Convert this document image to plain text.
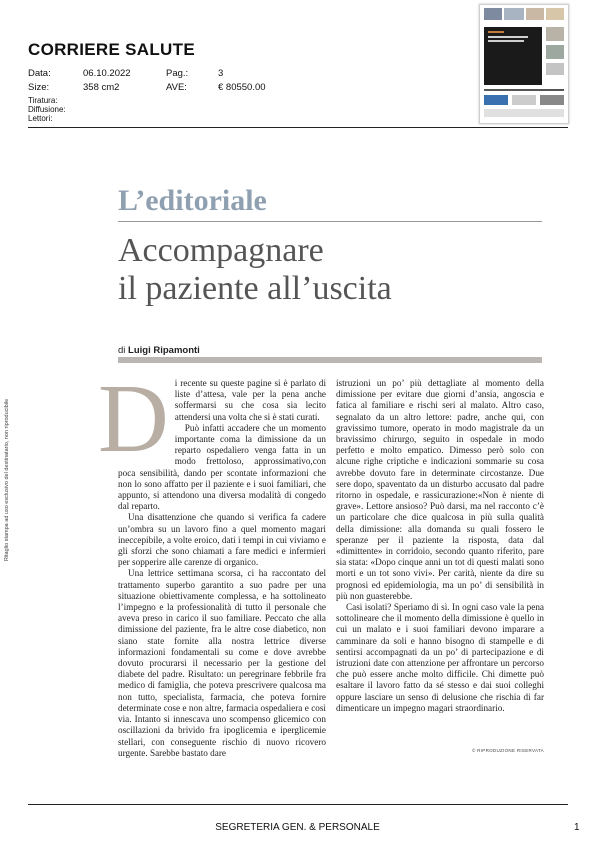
CORRIERE SALUTE
Data:	06.10.2022	Pag.:	3
Size:	358 cm2	AVE:	€ 80550.00
Tiratura:
Diffusione:
Lettori:
Ritaglio stampa ad uso esclusivo del destinatario, non riproducibile
L’editoriale
Accompagnare
il paziente all’uscita
di Luigi Ripamonti
D i recente su queste pagine si è parlato di liste d’attesa, vale per la pena anche soffermarsi su che cosa sia lecito attendersi una volta che si è stati curati.

Può infatti accadere che un momento importante coma la dimissione da un reparto ospedaliero venga fatta in un modo frettoloso, approssimativo,con poca sensibilità, dando per scontate informazioni che non lo sono affatto per il paziente e i suoi familiari, che appunto, si attendono una diversa modalità di congedo dal reparto.

Una disattenzione che quando si verifica fa cadere un’ombra su un lavoro fino a quel momento magari ineccepibile, a volte eroico, dati i tempi in cui viviamo e gli sforzi che sono chiamati a fare medici e infermieri per sopperire alle carenze di organico.

Una lettrice settimana scorsa, ci ha raccontato del trattamento superbo garantito a suo padre per una situazione obiettivamente complessa, e ha sottolineato l’impegno e la professionalità di tutto il personale che aveva preso in carico il suo familiare. Peccato che alla dimissione del paziente, fra le altre cose diabetico, non siano state fornite alla nostra lettrice diverse informazioni fondamentali su come e dove avrebbe dovuto procurarsi il necessario per la gestione del diabete del padre. Risultato: un peregrinare febbrile fra medico di famiglia, che poteva prescrivere qualcosa ma non tutto, specialista, farmacia, che poteva fornire determinate cose e non altre, farmacia ospedaliera e così via. Intanto si innescava uno scompenso glicemico con oscillazioni da brivido fra ipoglicemia e iperglicemie stellari, con conseguente rischio di nuovo ricovero urgente. Sarebbe bastato dare

istruzioni un po’ più dettagliate al momento della dimissione per evitare due giorni d’ansia, angoscia e fatica al familiare e rischi seri al malato. Altro caso, segnalato da un altro lettore: padre, anche qui, con gravissimo tumore, operato in modo magistrale da un bravissimo chirurgo, seguito in ospedale in modo perfetto e molto empatico. Dimesso però solo con alcune righe criptiche e indicazioni sommarie su cosa avrebbe dovuto fare in determinate circostanze. Due sere dopo, spaventato da un disturbo accusato dal padre ritorno in ospedale, e rassicurazione:«Non è niente di grave». Lettore ansioso? Può darsi, ma nel racconto c’è un particolare che dice qualcosa in più sulla qualità della dimissione: alla domanda su quali fossero le speranze per il paziente la risposta, data dal «dimittente» in corridoio, secondo quanto riferito, pare sia stata: «Dopo cinque anni un tot di questi malati sono morti e un tot sono vivi». Per carità, niente da dire su prognosi ed epidemiologia, ma un po’ di sensibilità in più non guasterebbe.

Casi isolati? Speriamo di sì. In ogni caso vale la pena sottolineare che il momento della dimissione è quello in cui un malato e i suoi familiari devono imparare a camminare da soli e hanno bisogno di stampelle e di sentirsi accompagnati da un po’ di partecipazione e di istruzioni date con attenzione per affrontare un percorso che può essere anche molto difficile. Chi dimette può esaltare il lavoro fatto da sé stesso e dai suoi colleghi oppure lasciare un senso di delusione che rischia di far dimenticare un impegno magari straordinario.

© RIPRODUZIONE RISERVATA
SEGRETERIA GEN. & PERSONALE	1
